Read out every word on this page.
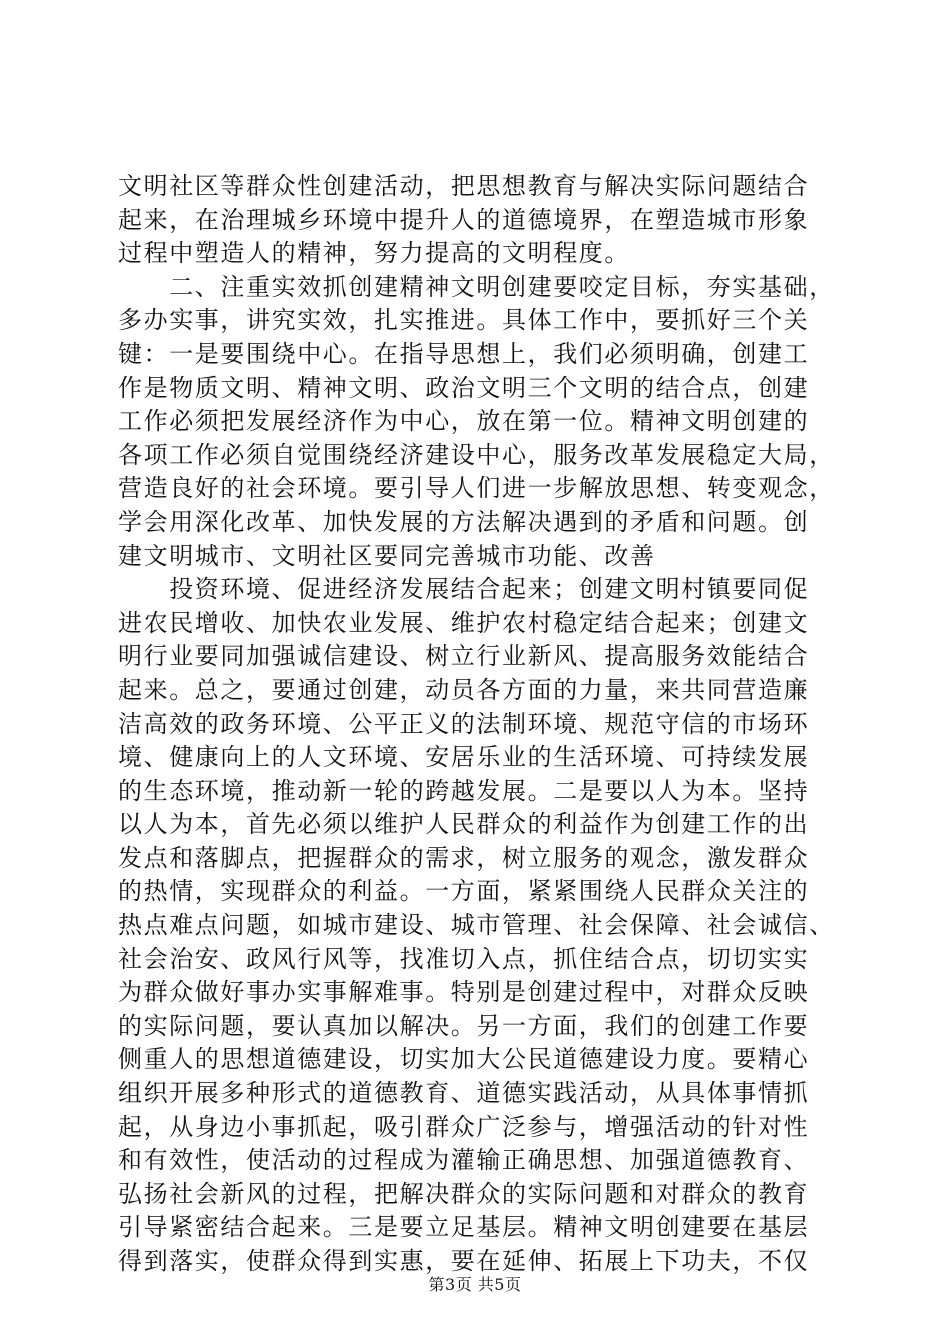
文明社区等群众性创建活动，把思想教育与解决实际问题结合
起来，在治理城乡环境中提升人的道德境界，在塑造城市形象
过程中塑造人的精神，努力提高的文明程度。
　　二、注重实效抓创建精神文明创建要咬定目标，夯实基础，
多办实事，讲究实效，扎实推进。具体工作中，要抓好三个关
键：一是要围绕中心。在指导思想上，我们必须明确，创建工
作是物质文明、精神文明、政治文明三个文明的结合点，创建
工作必须把发展经济作为中心，放在第一位。精神文明创建的
各项工作必须自觉围绕经济建设中心，服务改革发展稳定大局，
营造良好的社会环境。要引导人们进一步解放思想、转变观念，
学会用深化改革、加快发展的方法解决遇到的矛盾和问题。创
建文明城市、文明社区要同完善城市功能、改善
　　投资环境、促进经济发展结合起来；创建文明村镇要同促
进农民增收、加快农业发展、维护农村稳定结合起来；创建文
明行业要同加强诚信建设、树立行业新风、提高服务效能结合
起来。总之，要通过创建，动员各方面的力量，来共同营造廉
洁高效的政务环境、公平正义的法制环境、规范守信的市场环
境、健康向上的人文环境、安居乐业的生活环境、可持续发展
的生态环境，推动新一轮的跨越发展。二是要以人为本。坚持
以人为本，首先必须以维护人民群众的利益作为创建工作的出
发点和落脚点，把握群众的需求，树立服务的观念，激发群众
的热情，实现群众的利益。一方面，紧紧围绕人民群众关注的
热点难点问题，如城市建设、城市管理、社会保障、社会诚信、
社会治安、政风行风等，找准切入点，抓住结合点，切切实实
为群众做好事办实事解难事。特别是创建过程中，对群众反映
的实际问题，要认真加以解决。另一方面，我们的创建工作要
侧重人的思想道德建设，切实加大公民道德建设力度。要精心
组织开展多种形式的道德教育、道德实践活动，从具体事情抓
起，从身边小事抓起，吸引群众广泛参与，增强活动的针对性
和有效性，使活动的过程成为灌输正确思想、加强道德教育、
弘扬社会新风的过程，把解决群众的实际问题和对群众的教育
引导紧密结合起来。三是要立足基层。精神文明创建要在基层
得到落实，使群众得到实惠，要在延伸、拓展上下功夫，不仅
第3页 共5页
